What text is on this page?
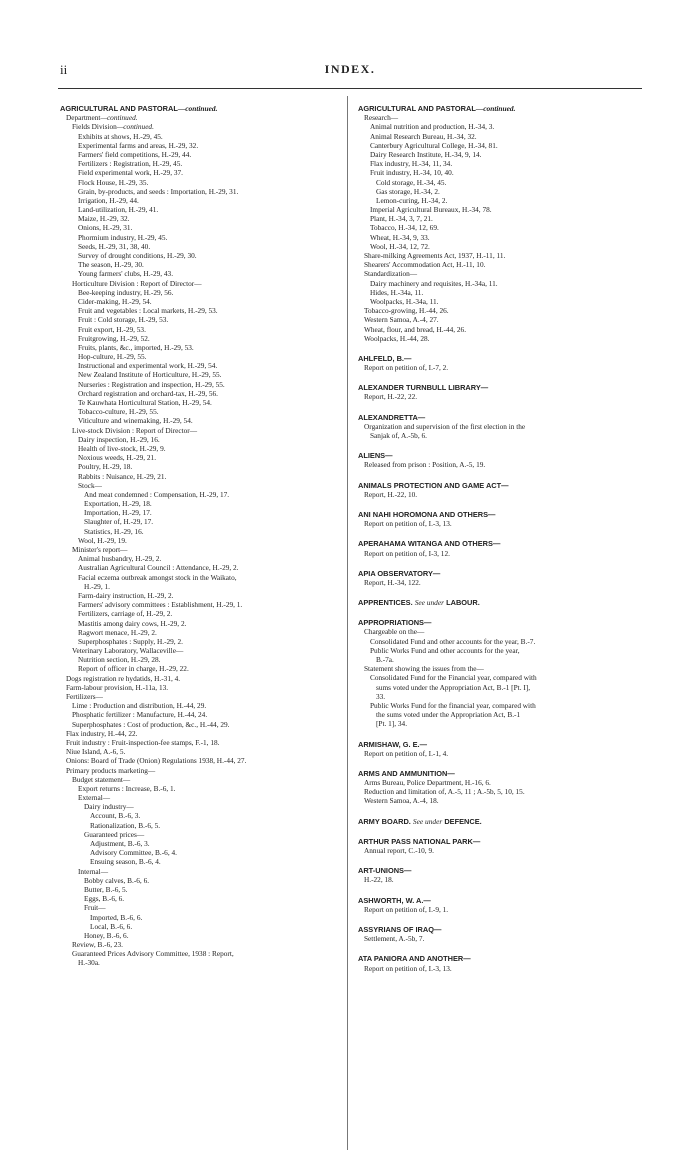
ii	INDEX.
AGRICULTURAL AND PASTORAL—continued.
Department—continued.
Fields Division—continued.
Exhibits at shows, H.-29, 45.
Experimental farms and areas, H.-29, 32.
Farmers' field competitions, H.-29, 44.
Fertilizers : Registration, H.-29, 45.
Field experimental work, H.-29, 37.
Flock House, H.-29, 35.
Grain, by-products, and seeds : Importation, H.-29, 31.
Irrigation, H.-29, 44.
Land-utilization, H.-29, 41.
Maize, H.-29, 32.
Onions, H.-29, 31.
Phormium industry, H.-29, 45.
Seeds, H.-29, 31, 38, 40.
Survey of drought conditions, H.-29, 30.
The season, H.-29, 30.
Young farmers' clubs, H.-29, 43.
Horticulture Division : Report of Director—
Bee-keeping industry, H.-29, 56.
Cider-making, H.-29, 54.
Fruit and vegetables : Local markets, H.-29, 53.
Fruit : Cold storage, H.-29, 53.
Fruit export, H.-29, 53.
Fruitgrowing, H.-29, 52.
Fruits, plants, &c., imported, H.-29, 53.
Hop-culture, H.-29, 55.
Instructional and experimental work, H.-29, 54.
New Zealand Institute of Horticulture, H.-29, 55.
Nurseries : Registration and inspection, H.-29, 55.
Orchard registration and orchard-tax, H.-29, 56.
Te Kauwhata Horticultural Station, H.-29, 54.
Tobacco-culture, H.-29, 55.
Viticulture and winemaking, H.-29, 54.
Live-stock Division : Report of Director—
Dairy inspection, H.-29, 16.
Health of live-stock, H.-29, 9.
Noxious weeds, H.-29, 21.
Poultry, H.-29, 18.
Rabbits : Nuisance, H.-29, 21.
Stock—
And meat condemned : Compensation, H.-29, 17.
Exportation, H.-29, 18.
Importation, H.-29, 17.
Slaughter of, H.-29, 17.
Statistics, H.-29, 16.
Wool, H.-29, 19.
Minister's report—
Animal husbandry, H.-29, 2.
Australian Agricultural Council : Attendance, H.-29, 2.
Facial eczema outbreak amongst stock in the Waikato,
H.-29, 1.
Farm-dairy instruction, H.-29, 2.
Farmers' advisory committees : Establishment, H.-29, 1.
Fertilizers, carriage of, H.-29, 2.
Mastitis among dairy cows, H.-29, 2.
Ragwort menace, H.-29, 2.
Superphosphates : Supply, H.-29, 2.
Veterinary Laboratory, Wallaceville—
Nutrition section, H.-29, 28.
Report of officer in charge, H.-29, 22.
Dogs registration re hydatids, H.-31, 4.
Farm-labour provision, H.-11a, 13.
Fertilizers—
Lime : Production and distribution, H.-44, 29.
Phosphatic fertilizer : Manufacture, H.-44, 24.
Superphosphates : Cost of production, &c., H.-44, 29.
Flax industry, H.-44, 22.
Fruit industry : Fruit-inspection-fee stamps, F.-1, 18.
Niue Island, A.-6, 5.
Onions: Board of Trade (Onion) Regulations 1938, H.-44, 27.
Primary products marketing—
Budget statement—
Export returns : Increase, B.-6, 1.
External—
Dairy industry—
Account, B.-6, 3.
Rationalization, B.-6, 5.
Guaranteed prices—
Adjustment, B.-6, 3.
Advisory Committee, B.-6, 4.
Ensuing season, B.-6, 4.
Internal—
Bobby calves, B.-6, 6.
Butter, B.-6, 5.
Eggs, B.-6, 6.
Fruit—
Imported, B.-6, 6.
Local, B.-6, 6.
Honey, B.-6, 6.
Review, B.-6, 23.
Guaranteed Prices Advisory Committee, 1938 : Report,
H.-30a.
AGRICULTURAL AND PASTORAL—continued.
Research—
Animal nutrition and production, H.-34, 3.
Animal Research Bureau, H.-34, 32.
Canterbury Agricultural College, H.-34, 81.
Dairy Research Institute, H.-34, 9, 14.
Flax industry, H.-34, 11, 34.
Fruit industry, H.-34, 10, 40.
Cold storage, H.-34, 45.
Gas storage, H.-34, 2.
Lemon-curing, H.-34, 2.
Imperial Agricultural Bureaux, H.-34, 78.
Plant, H.-34, 3, 7, 21.
Tobacco, H.-34, 12, 69.
Wheat, H.-34, 9, 33.
Wool, H.-34, 12, 72.
Share-milking Agreements Act, 1937, H.-11, 11.
Shearers' Accommodation Act, H.-11, 10.
Standardization—
Dairy machinery and requisites, H.-34a, 11.
Hides, H.-34a, 11.
Woolpacks, H.-34a, 11.
Tobacco-growing, H.-44, 26.
Western Samoa, A.-4, 27.
Wheat, flour, and bread, H.-44, 26.
Woolpacks, H.-44, 28.
AHLFELD, B.—
Report on petition of, I.-7, 2.
ALEXANDER TURNBULL LIBRARY—
Report, H.-22, 22.
ALEXANDRETTA—
Organization and supervision of the first election in the
Sanjak of, A.-5b, 6.
ALIENS—
Released from prison : Position, A.-5, 19.
ANIMALS PROTECTION AND GAME ACT—
Report, H.-22, 10.
ANI NAHI HOROMONA AND OTHERS—
Report on petition of, I.-3, 13.
APERAHAMA WITANGA AND OTHERS—
Report on petition of, I-3, 12.
APIA OBSERVATORY—
Report, H.-34, 122.
APPRENTICES. See under LABOUR.
APPROPRIATIONS—
Chargeable on the—
Consolidated Fund and other accounts for the year, B.-7.
Public Works Fund and other accounts for the year,
B.-7a.
Statement showing the issues from the—
Consolidated Fund for the Financial year, compared with
sums voted under the Appropriation Act, B.-1 [Pt. I],
33.
Public Works Fund for the financial year, compared with
the sums voted under the Appropriation Act, B.-1
[Pt. 1], 34.
ARMISHAW, G. E.—
Report on petition of, I.-1, 4.
ARMS AND AMMUNITION—
Arms Bureau, Police Department, H.-16, 6.
Reduction and limitation of, A.-5, 11 ; A.-5b, 5, 10, 15.
Western Samoa, A.-4, 18.
ARMY BOARD. See under DEFENCE.
ARTHUR PASS NATIONAL PARK—
Annual report, C.-10, 9.
ART-UNIONS—
H.-22, 18.
ASHWORTH, W. A.—
Report on petition of, I.-9, 1.
ASSYRIANS OF IRAQ—
Settlement, A.-5b, 7.
ATA PANIORA AND ANOTHER—
Report on petition of, I.-3, 13.
